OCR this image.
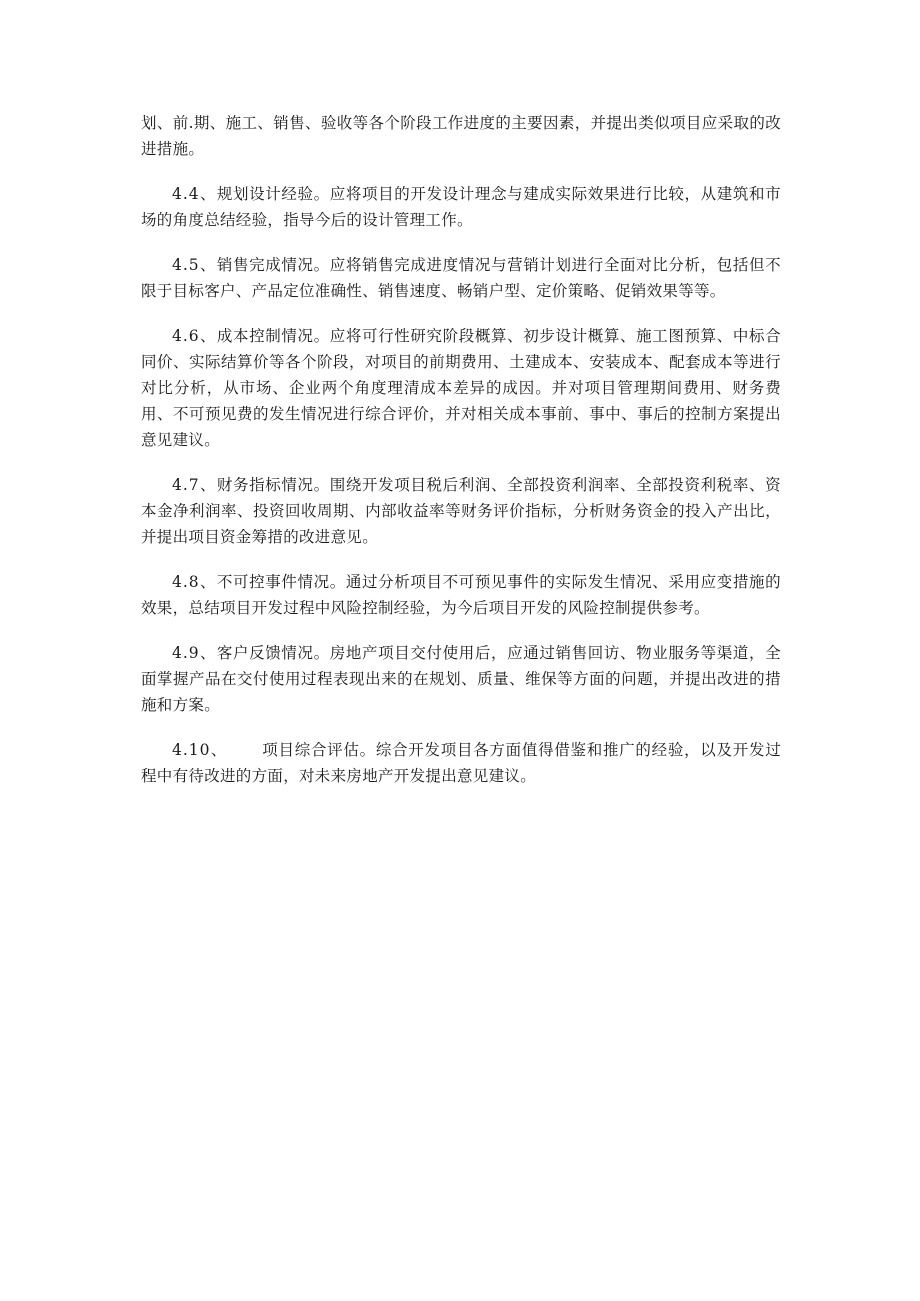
划、前.期、施工、销售、验收等各个阶段工作进度的主要因素，并提出类似项目应采取的改进措施。

4.4、规划设计经验。应将项目的开发设计理念与建成实际效果进行比较，从建筑和市场的角度总结经验，指导今后的设计管理工作。

4.5、销售完成情况。应将销售完成进度情况与营销计划进行全面对比分析，包括但不限于目标客户、产品定位准确性、销售速度、畅销户型、定价策略、促销效果等等。

4.6、成本控制情况。应将可行性研究阶段概算、初步设计概算、施工图预算、中标合同价、实际结算价等各个阶段，对项目的前期费用、土建成本、安装成本、配套成本等进行对比分析，从市场、企业两个角度理清成本差异的成因。并对项目管理期间费用、财务费用、不可预见费的发生情况进行综合评价，并对相关成本事前、事中、事后的控制方案提出意见建议。

4.7、财务指标情况。围绕开发项目税后利润、全部投资利润率、全部投资利税率、资本金净利润率、投资回收周期、内部收益率等财务评价指标，分析财务资金的投入产出比，并提出项目资金筹措的改进意见。

4.8、不可控事件情况。通过分析项目不可预见事件的实际发生情况、采用应变措施的效果，总结项目开发过程中风险控制经验，为今后项目开发的风险控制提供参考。

4.9、客户反馈情况。房地产项目交付使用后，应通过销售回访、物业服务等渠道，全面掌握产品在交付使用过程表现出来的在规划、质量、维保等方面的问题，并提出改进的措施和方案。

4.10、 项目综合评估。综合开发项目各方面值得借鉴和推广的经验，以及开发过程中有待改进的方面，对未来房地产开发提出意见建议。
